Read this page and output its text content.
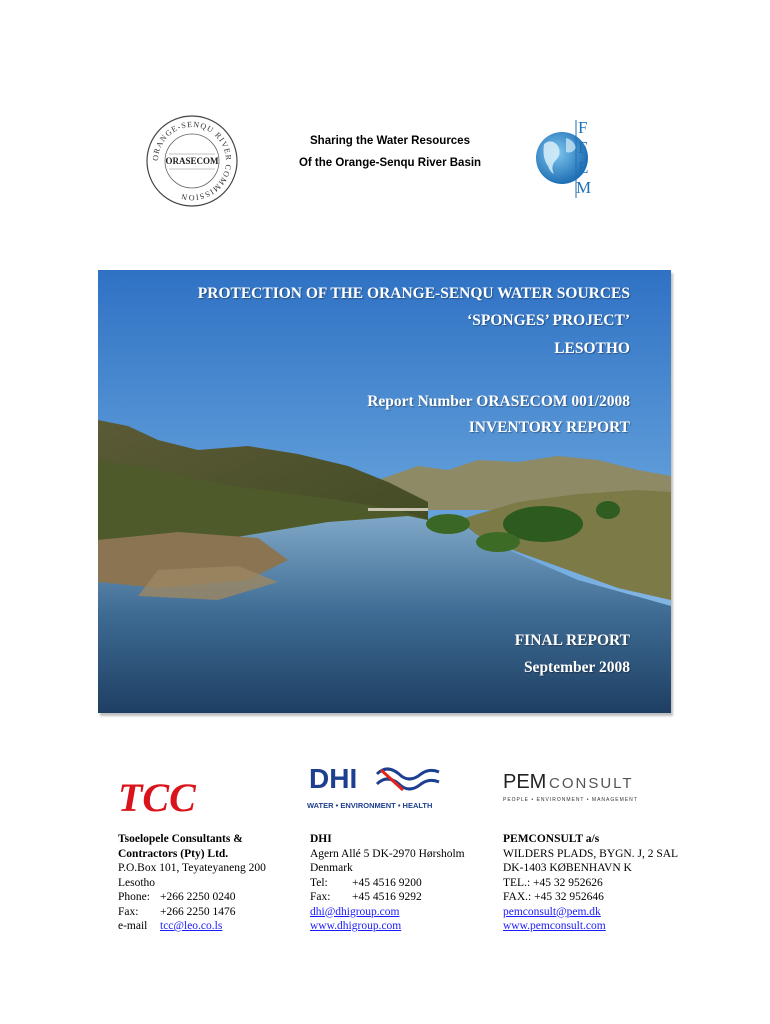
ORANGE-SENQU RIVER COMMISSION
ORASECOM
Sharing the Water Resources
Of the Orange-Senqu River Basin
F
F
E
M
PROTECTION OF THE ORANGE-SENQU WATER SOURCES
‘SPONGES’ PROJECT’
LESOTHO
Report Number ORASECOM 001/2008
INVENTORY REPORT
FINAL REPORT
September 2008
TCC	DHI
WATER • ENVIRONMENT • HEALTH
PEM CONSULT
PEOPLE • ENVIRONMENT • MANAGEMENT
Tsoelopele Consultants &
Contractors (Pty) Ltd.
P.O.Box 101, Teyateyaneng 200
Lesotho
Phone: +266 2250 0240
Fax:	+266 2250 1476
e-mail	tcc@leo.co.ls
DHI
Agern Allé 5 DK-2970 Hørsholm
Denmark
Tel:	+45 4516 9200
Fax:	+45 4516 9292
dhi@dhigroup.com
www.dhigroup.com
PEMCONSULT a/s
WILDERS PLADS, BYGN. J, 2 SAL
DK-1403 KØBENHAVN K
TEL.: +45 32 952626
FAX.: +45 32 952646
pemconsult@pem.dk
www.pemconsult.com
